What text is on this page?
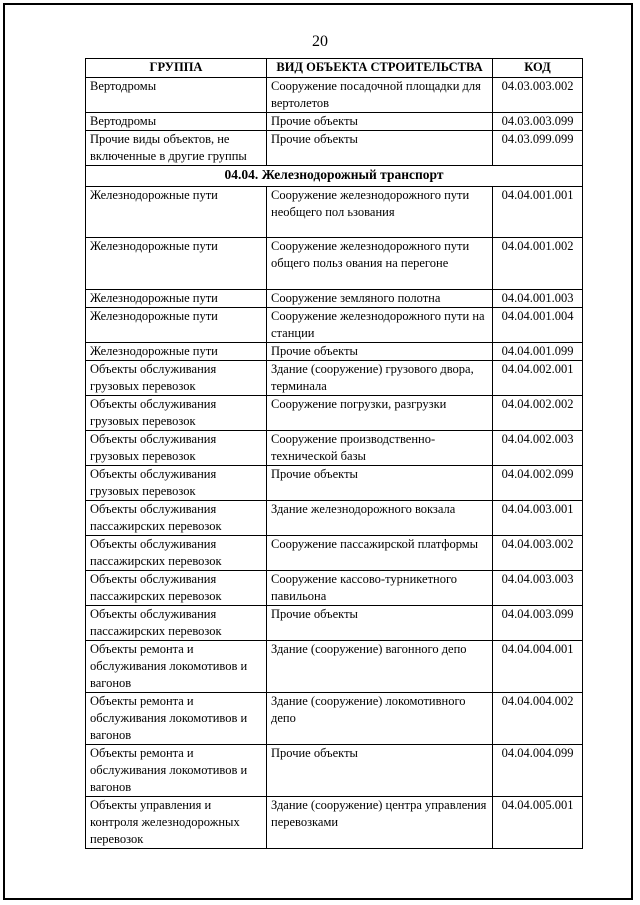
20
ГРУППА	ВИД ОБЪЕКТА СТРОИТЕЛЬСТВА	КОД
Вертодромы	Сооружение посадочной площадки для вертолетов	04.03.003.002
Вертодромы	Прочие объекты	04.03.003.099
Прочие виды объектов, не включенные в другие группы	Прочие объекты	04.03.099.099
04.04. Железнодорожный транспорт		
Железнодорожные пути	Сооружение железнодорожного пути необщего пол ьзования	04.04.001.001
Железнодорожные пути	Сооружение железнодорожного пути общего польз ования на перегоне	04.04.001.002
Железнодорожные пути	Сооружение земляного полотна	04.04.001.003
Железнодорожные пути	Сооружение железнодорожного пути на станции	04.04.001.004
Железнодорожные пути	Прочие объекты	04.04.001.099
Объекты обслуживания грузовых перевозок	Здание (сооружение) грузового двора, терминала	04.04.002.001
Объекты обслуживания грузовых перевозок	Сооружение погрузки, разгрузки	04.04.002.002
Объекты обслуживания грузовых перевозок	Сооружение производственно-технической базы	04.04.002.003
Объекты обслуживания грузовых перевозок	Прочие объекты	04.04.002.099
Объекты обслуживания пассажирских перевозок	Здание железнодорожного вокзала	04.04.003.001
Объекты обслуживания пассажирских перевозок	Сооружение пассажирской платформы	04.04.003.002
Объекты обслуживания пассажирских перевозок	Сооружение кассово-турникетного павильона	04.04.003.003
Объекты обслуживания пассажирских перевозок	Прочие объекты	04.04.003.099
Объекты ремонта и обслуживания локомотивов и вагонов	Здание (сооружение) вагонного депо	04.04.004.001
Объекты ремонта и обслуживания локомотивов и вагонов	Здание (сооружение) локомотивного депо	04.04.004.002
Объекты ремонта и обслуживания локомотивов и вагонов	Прочие объекты	04.04.004.099
Объекты управления и контроля железнодорожных перевозок	Здание (сооружение) центра управления перевозками	04.04.005.001
